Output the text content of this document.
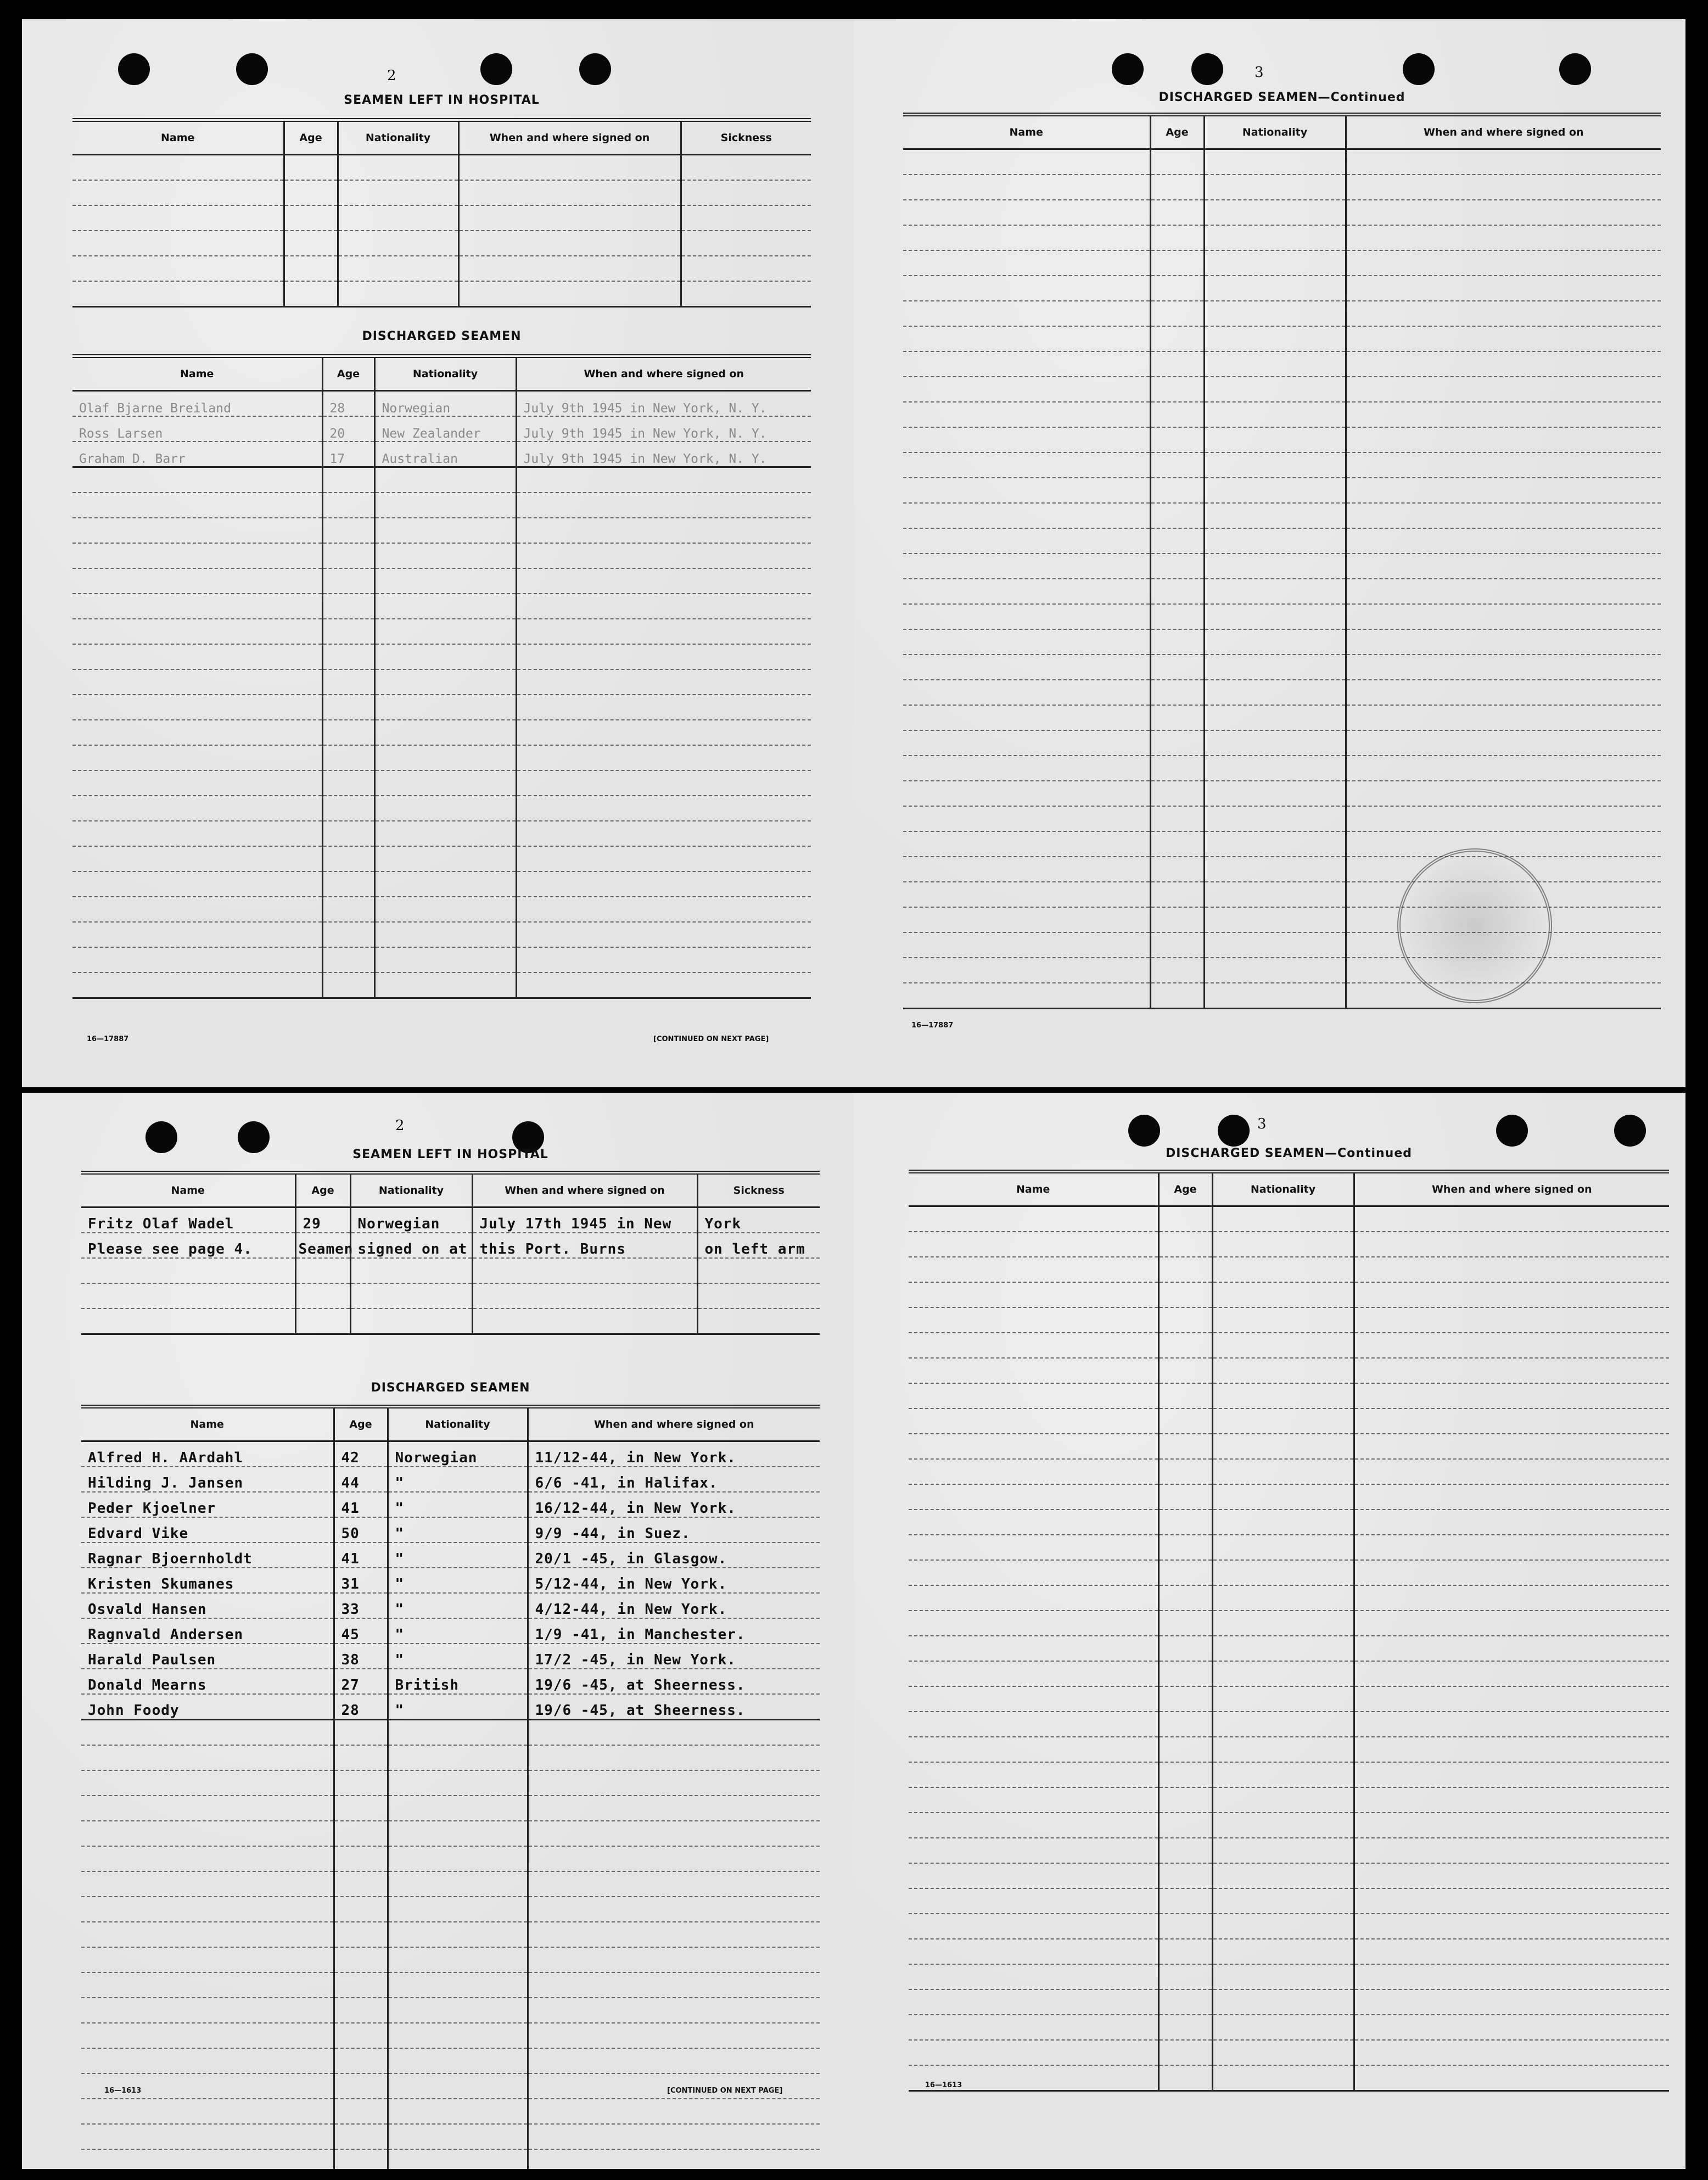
2
SEAMEN LEFT IN HOSPITAL
Name	Age	Nationality	When and where signed on	Sickness

DISCHARGED SEAMEN
Name	Age	Nationality	When and where signed on
Olaf Bjarne Breiland	28	Norwegian	July 9th 1945 in New York, N. Y.
Ross Larsen	20	New Zealander	July 9th 1945 in New York, N. Y.
Graham D. Barr	17	Australian	July 9th 1945 in New York, N. Y.

16—17887	[CONTINUED ON NEXT PAGE]
3
DISCHARGED SEAMEN—Continued
Name	Age	Nationality	When and where signed on

16—17887
2
SEAMEN LEFT IN HOSPITAL
Name	Age	Nationality	When and where signed on	Sickness
Fritz Olaf Wadel	29	Norwegian	July 17th 1945 in New	York
Please see page 4.	Seamen	signed on at	this Port. Burns	on left arm

DISCHARGED SEAMEN
Name	Age	Nationality	When and where signed on
Alfred H. AArdahl	42	Norwegian	11/12-44, in New York.
Hilding J. Jansen	44	"	6/6 -41, in Halifax.
Peder Kjoelner	41	"	16/12-44, in New York.
Edvard Vike	50	"	9/9 -44, in Suez.
Ragnar Bjoernholdt	41	"	20/1 -45, in Glasgow.
Kristen Skumanes	31	"	5/12-44, in New York.
Osvald Hansen	33	"	4/12-44, in New York.
Ragnvald Andersen	45	"	1/9 -41, in Manchester.
Harald Paulsen	38	"	17/2 -45, in New York.
Donald Mearns	27	British	19/6 -45, at Sheerness.
John Foody	28	"	19/6 -45, at Sheerness.

16—1613	[CONTINUED ON NEXT PAGE]
3
DISCHARGED SEAMEN—Continued
Name	Age	Nationality	When and where signed on

16—1613
